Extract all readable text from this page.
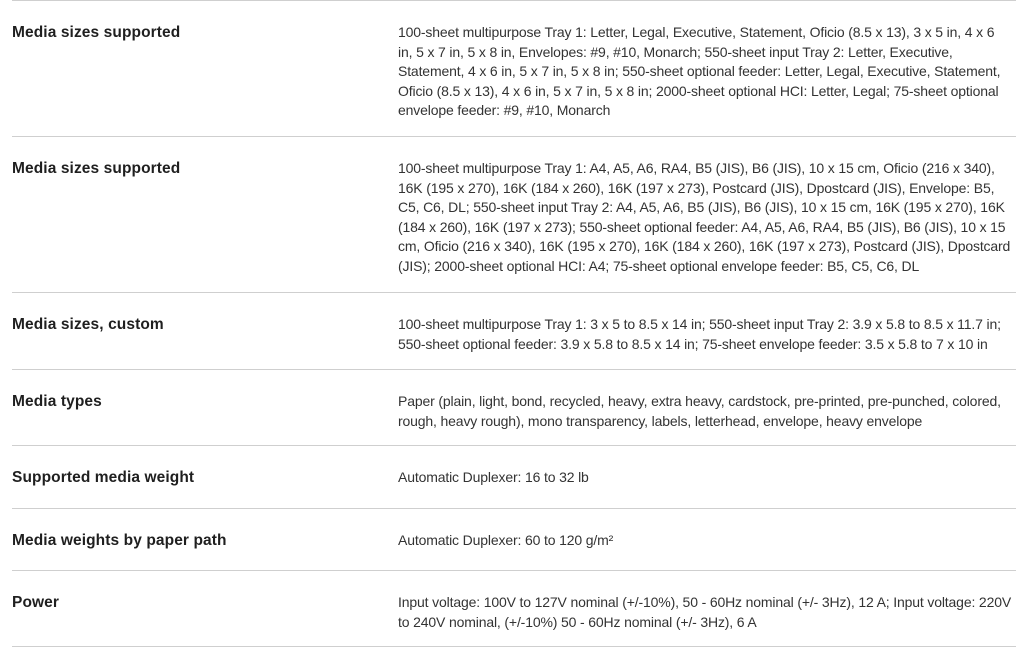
Media sizes supported	100-sheet multipurpose Tray 1: Letter, Legal, Executive, Statement, Oficio (8.5 x 13), 3 x 5 in, 4 x 6 in, 5 x 7 in, 5 x 8 in, Envelopes: #9, #10, Monarch; 550-sheet input Tray 2: Letter, Executive, Statement, 4 x 6 in, 5 x 7 in, 5 x 8 in; 550-sheet optional feeder: Letter, Legal, Executive, Statement, Oficio (8.5 x 13), 4 x 6 in, 5 x 7 in, 5 x 8 in; 2000-sheet optional HCI: Letter, Legal; 75-sheet optional envelope feeder: #9, #10, Monarch
Media sizes supported	100-sheet multipurpose Tray 1: A4, A5, A6, RA4, B5 (JIS), B6 (JIS), 10 x 15 cm, Oficio (216 x 340), 16K (195 x 270), 16K (184 x 260), 16K (197 x 273), Postcard (JIS), Dpostcard (JIS), Envelope: B5, C5, C6, DL; 550-sheet input Tray 2: A4, A5, A6, B5 (JIS), B6 (JIS), 10 x 15 cm, 16K (195 x 270), 16K (184 x 260), 16K (197 x 273); 550-sheet optional feeder: A4, A5, A6, RA4, B5 (JIS), B6 (JIS), 10 x 15 cm, Oficio (216 x 340), 16K (195 x 270), 16K (184 x 260), 16K (197 x 273), Postcard (JIS), Dpostcard (JIS); 2000-sheet optional HCI: A4; 75-sheet optional envelope feeder: B5, C5, C6, DL
Media sizes, custom	100-sheet multipurpose Tray 1: 3 x 5 to 8.5 x 14 in; 550-sheet input Tray 2: 3.9 x 5.8 to 8.5 x 11.7 in; 550-sheet optional feeder: 3.9 x 5.8 to 8.5 x 14 in; 75-sheet envelope feeder: 3.5 x 5.8 to 7 x 10 in
Media types	Paper (plain, light, bond, recycled, heavy, extra heavy, cardstock, pre-printed, pre-punched, colored, rough, heavy rough), mono transparency, labels, letterhead, envelope, heavy envelope
Supported media weight	Automatic Duplexer: 16 to 32 lb
Media weights by paper path	Automatic Duplexer: 60 to 120 g/m²
Power	Input voltage: 100V to 127V nominal (+/-10%), 50 - 60Hz nominal (+/- 3Hz), 12 A; Input voltage: 220V to 240V nominal, (+/-10%) 50 - 60Hz nominal (+/- 3Hz), 6 A
